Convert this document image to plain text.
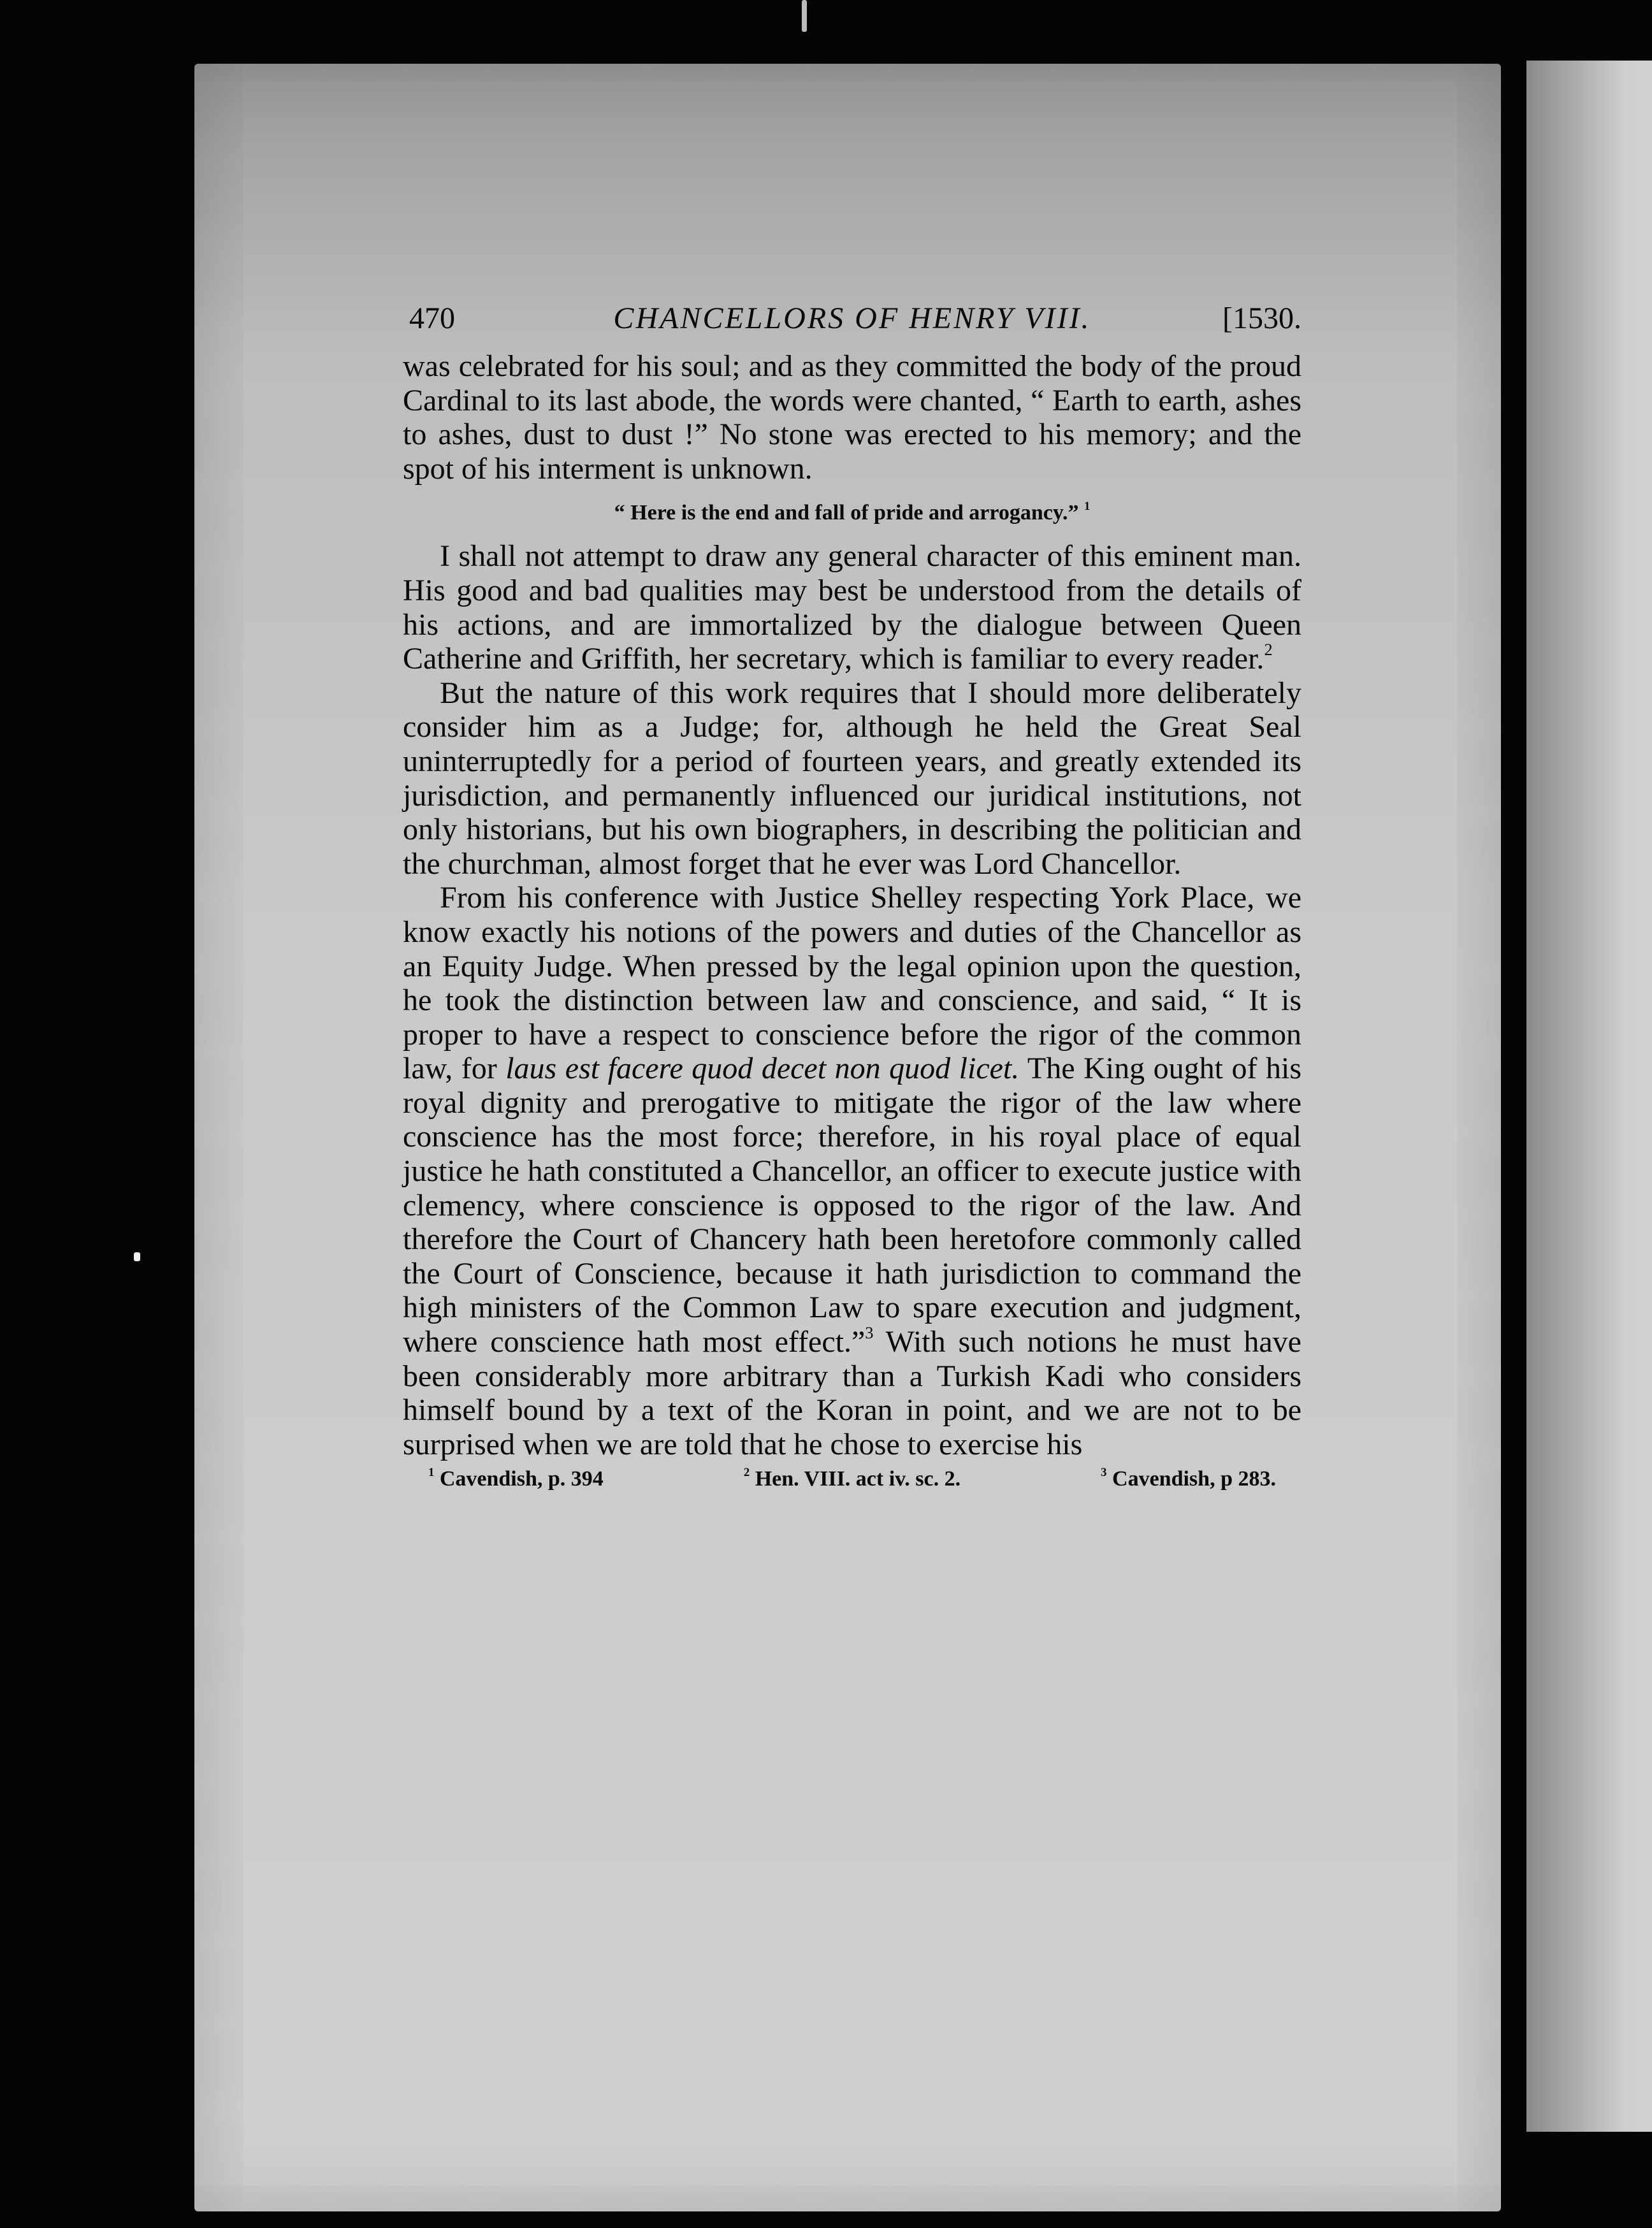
470	CHANCELLORS OF HENRY VIII.	[1530.

was celebrated for his soul; and as they committed the body of the proud Cardinal to its last abode, the words were chanted, “ Earth to earth, ashes to ashes, dust to dust !” No stone was erected to his memory; and the spot of his interment is unknown.

“ Here is the end and fall of pride and arrogancy.” $^1$

I shall not attempt to draw any general character of this eminent man. His good and bad qualities may best be understood from the details of his actions, and are immortalized by the dialogue between Queen Catherine and Griffith, her secretary, which is familiar to every reader.$^2$

But the nature of this work requires that I should more deliberately consider him as a Judge; for, although he held the Great Seal uninterruptedly for a period of fourteen years, and greatly extended its jurisdiction, and permanently influenced our juridical institutions, not only historians, but his own biographers, in describing the politician and the churchman, almost forget that he ever was Lord Chancellor.

From his conference with Justice Shelley respecting York Place, we know exactly his notions of the powers and duties of the Chancellor as an Equity Judge. When pressed by the legal opinion upon the question, he took the distinction between law and conscience, and said, “ It is proper to have a respect to conscience before the rigor of the common law, for laus est facere quod decet non quod licet. The King ought of his royal dignity and prerogative to mitigate the rigor of the law where conscience has the most force; therefore, in his royal place of equal justice he hath constituted a Chancellor, an officer to execute justice with clemency, where conscience is opposed to the rigor of the law. And therefore the Court of Chancery hath been heretofore commonly called the Court of Conscience, because it hath jurisdiction to command the high ministers of the Common Law to spare execution and judgment, where conscience hath most effect.”$^3$ With such notions he must have been considerably more arbitrary than a Turkish Kadi who considers himself bound by a text of the Koran in point, and we are not to be surprised when we are told that he chose to exercise his

$^1$ Cavendish, p. 394	$^2$ Hen. VIII. act iv. sc. 2.	$^3$ Cavendish, p 283.
